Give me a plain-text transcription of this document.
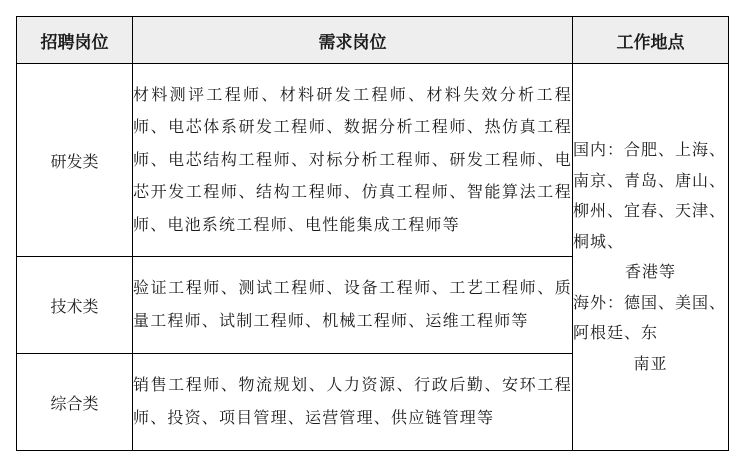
招聘岗位	需求岗位	工作地点
研发类	材料测评工程师、材料研发工程师、材料失效分析工程师、电芯体系研发工程师、数据分析工程师、热仿真工程师、电芯结构工程师、对标分析工程师、研发工程师、电芯开发工程师、结构工程师、仿真工程师、智能算法工程师、电池系统工程师、电性能集成工程师等	国内：合肥、上海、南京、青岛、唐山、柳州、宜春、天津、桐城、
香港等
海外：德国、美国、阿根廷、东
南亚

技术类	验证工程师、测试工程师、设备工程师、工艺工程师、质量工程师、试制工程师、机械工程师、运维工程师等	
综合类	销售工程师、物流规划、人力资源、行政后勤、安环工程师、投资、项目管理、运营管理、供应链管理等	
